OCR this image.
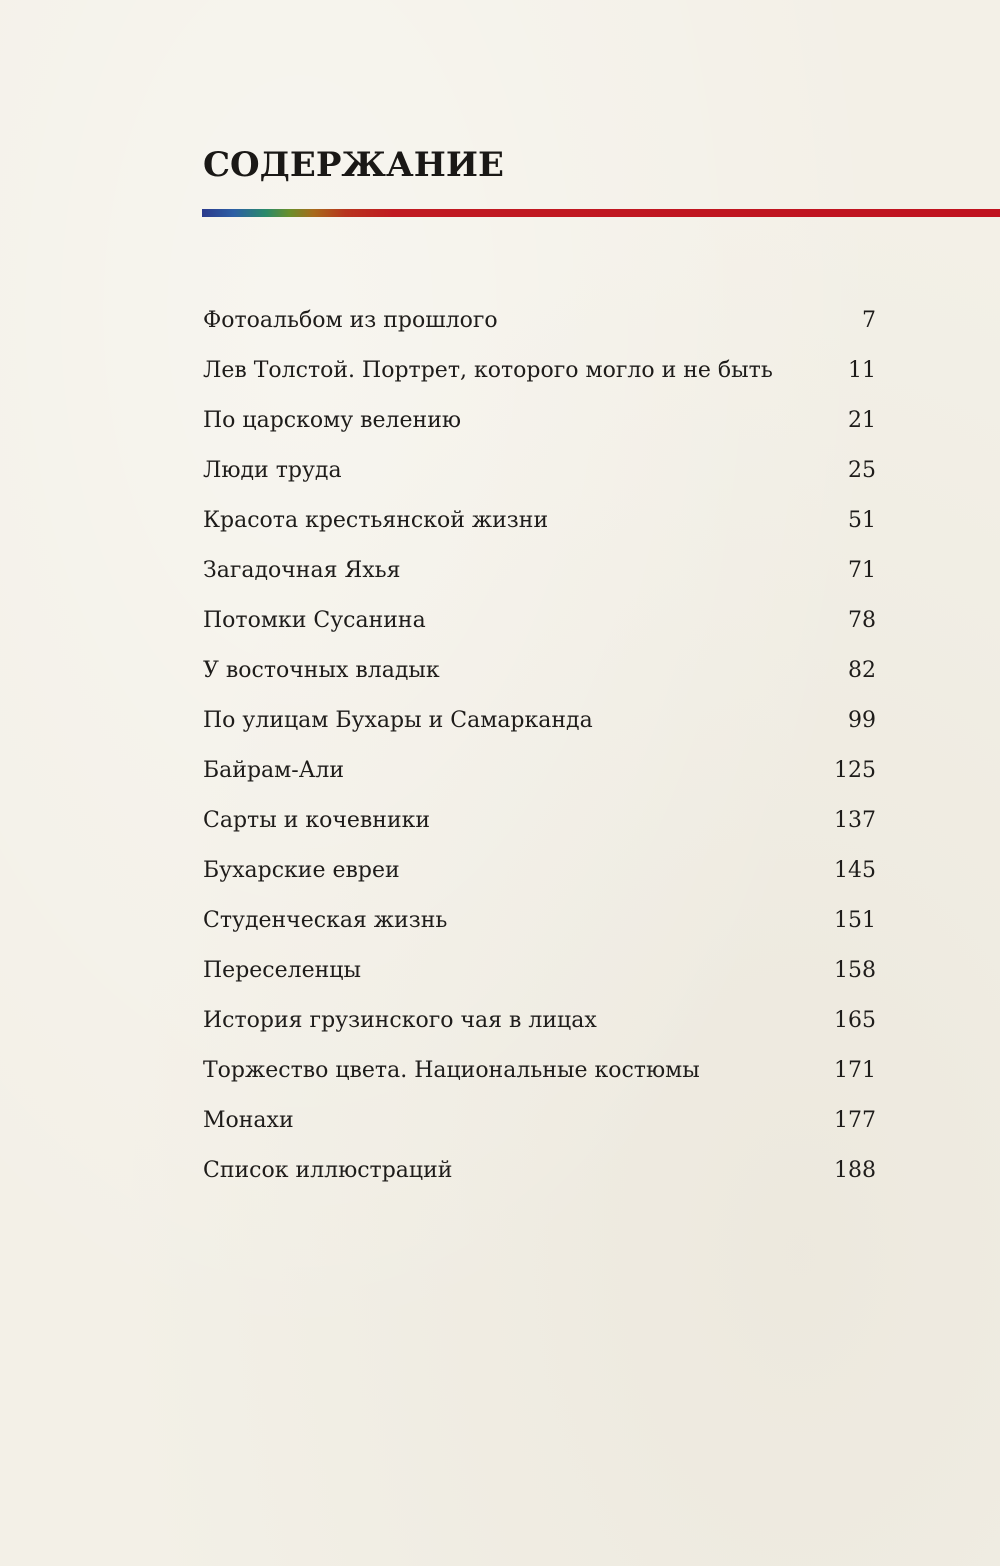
СОДЕРЖАНИЕ
Фотоальбом из прошлого	7
Лев Толстой. Портрет, которого могло и не быть	11
По царскому велению	21
Люди труда	25
Красота крестьянской жизни	51
Загадочная Яхья	71
Потомки Сусанина	78
У восточных владык	82
По улицам Бухары и Самарканда	99
Байрам-Али	125
Сарты и кочевники	137
Бухарские евреи	145
Студенческая жизнь	151
Переселенцы	158
История грузинского чая в лицах	165
Торжество цвета. Национальные костюмы	171
Монахи	177
Список иллюстраций	188
